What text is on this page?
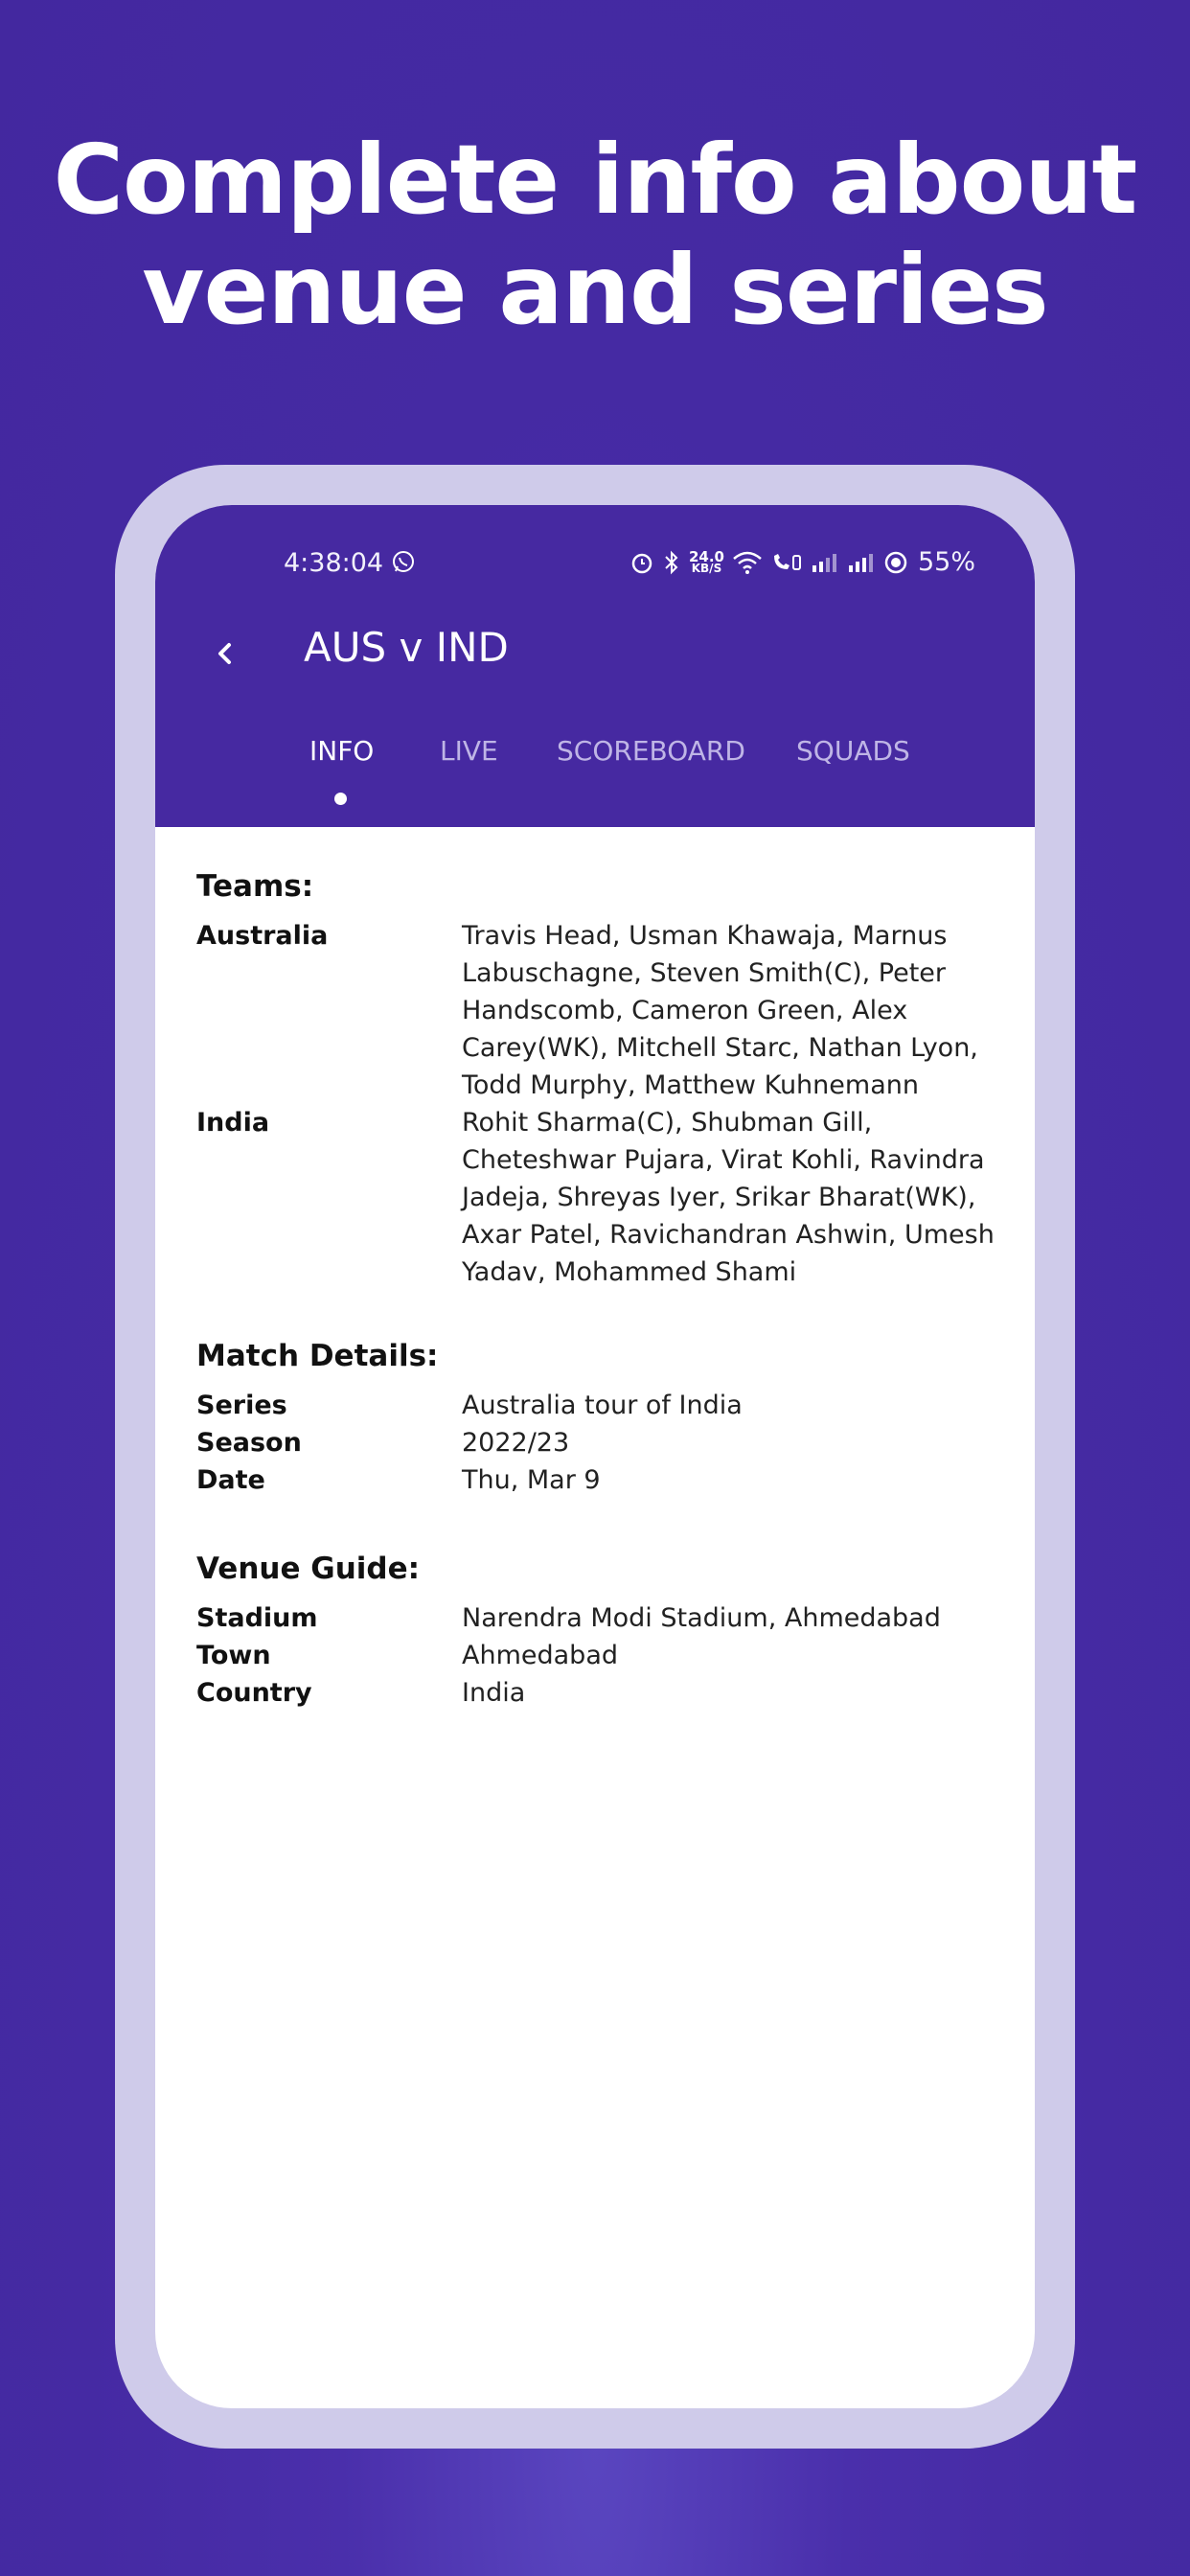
Complete info about
venue and series
4:38:04	24.0
KB/S	55%
AUS v IND
INFO LIVE SCOREBOARD SQUADS
Teams:
Australia	Travis Head, Usman Khawaja, Marnus Labuschagne, Steven Smith(C), Peter Handscomb, Cameron Green, Alex Carey(WK), Mitchell Starc, Nathan Lyon, Todd Murphy, Matthew Kuhnemann
India	Rohit Sharma(C), Shubman Gill, Cheteshwar Pujara, Virat Kohli, Ravindra Jadeja, Shreyas Iyer, Srikar Bharat(WK), Axar Patel, Ravichandran Ashwin, Umesh Yadav, Mohammed Shami
Match Details:
Series	Australia tour of India
Season	2022/23
Date	Thu, Mar 9
Venue Guide:
Stadium	Narendra Modi Stadium, Ahmedabad
Town	Ahmedabad
Country	India
